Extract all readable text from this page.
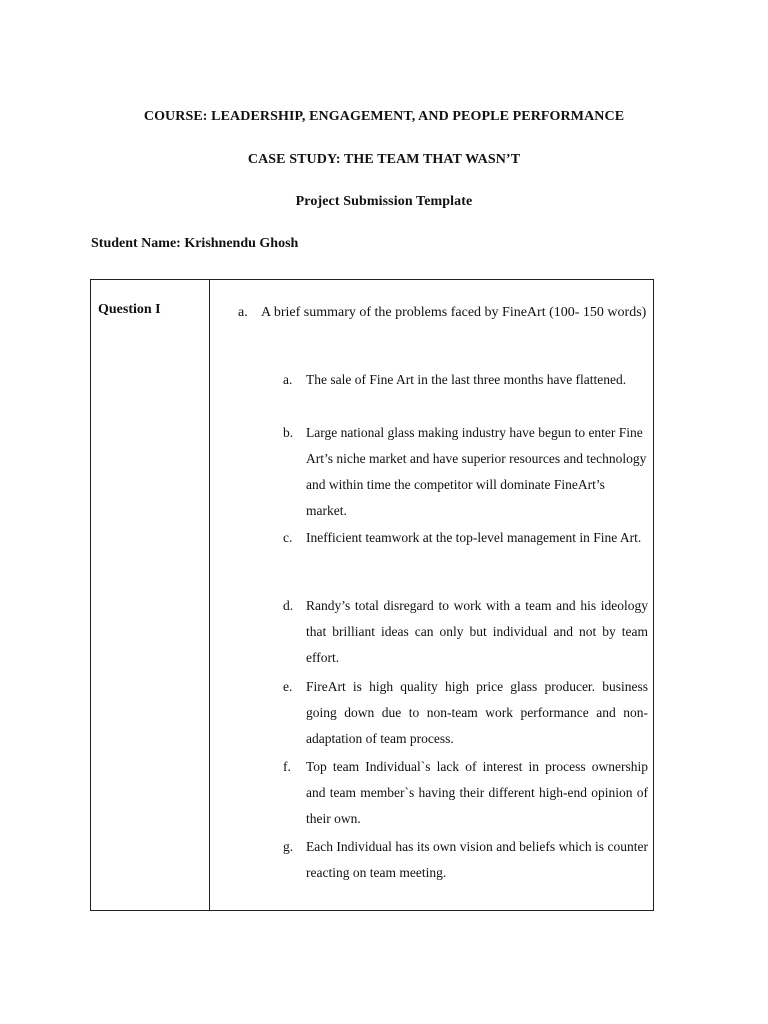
COURSE: LEADERSHIP, ENGAGEMENT, AND PEOPLE PERFORMANCE
CASE STUDY: THE TEAM THAT WASN’T
Project Submission Template
Student Name: Krishnendu Ghosh
Question I	a. A brief summary of the problems faced by FineArt (100- 150 words)
a. The sale of Fine Art in the last three months have flattened.
b. Large national glass making industry have begun to enter Fine Art’s niche market and have superior resources and technology and within time the competitor will dominate FineArt’s market.
c. Inefficient teamwork at the top-level management in Fine Art.
d. Randy’s total disregard to work with a team and his ideology that brilliant ideas can only but individual and not by team effort.
e. FireArt is high quality high price glass producer. business going down due to non-team work performance and non-adaptation of team process.
f. Top team Individual`s lack of interest in process ownership and team member`s having their different high-end opinion of their own.
g. Each Individual has its own vision and beliefs which is counter reacting on team meeting.
